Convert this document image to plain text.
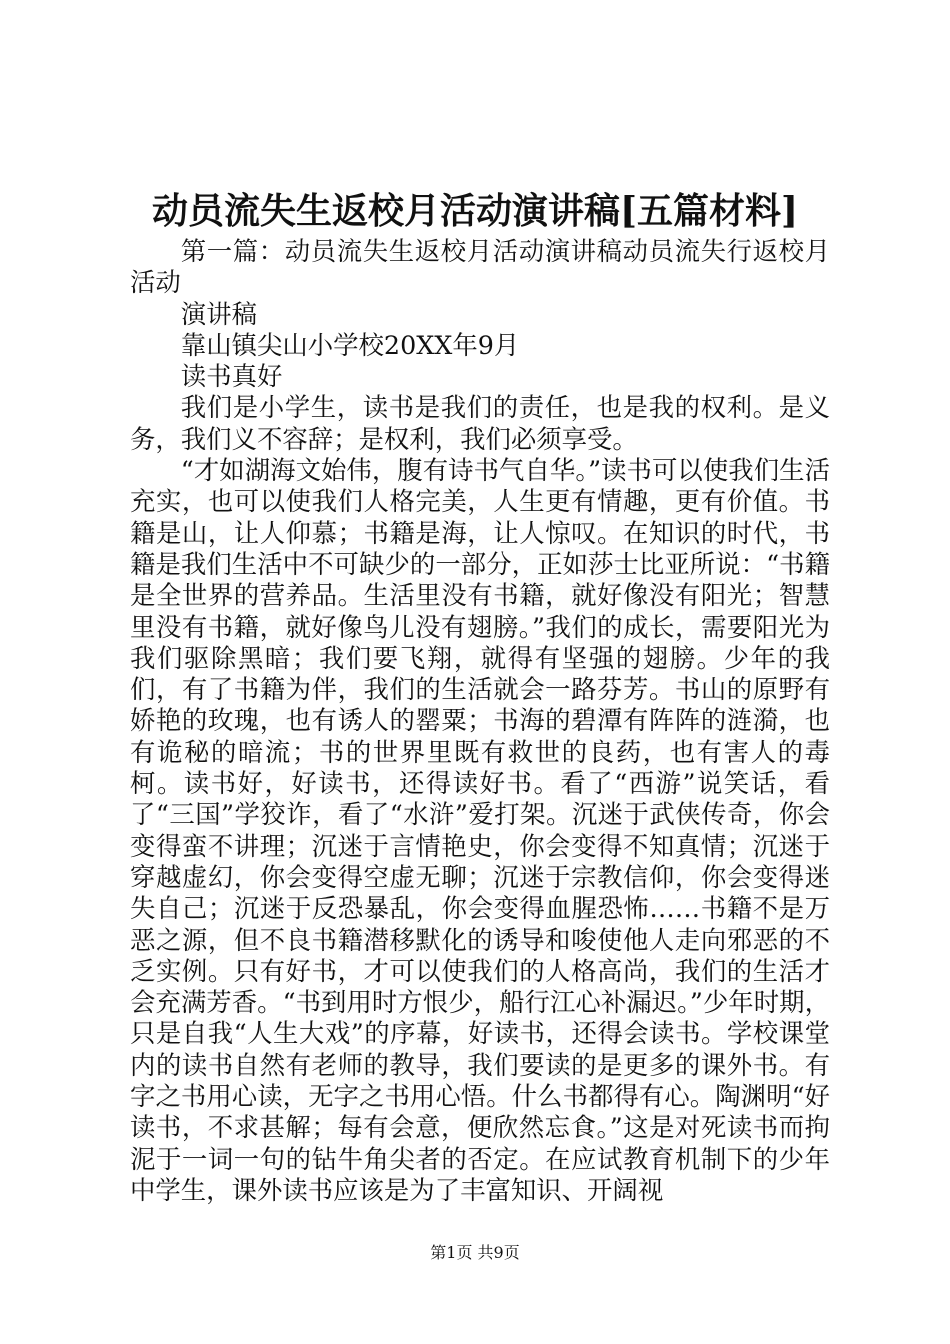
动员流失生返校月活动演讲稿[五篇材料]

第一篇：动员流失生返校月活动演讲稿动员流失行返校月活动

演讲稿

靠山镇尖山小学校20XX年9月

读书真好

我们是小学生，读书是我们的责任，也是我的权利。是义务，我们义不容辞；是权利，我们必须享受。

“才如湖海文始伟，腹有诗书气自华。”读书可以使我们生活充实，也可以使我们人格完美，人生更有情趣，更有价值。书籍是山，让人仰慕；书籍是海，让人惊叹。在知识的时代，书籍是我们生活中不可缺少的一部分，正如莎士比亚所说：“书籍是全世界的营养品。生活里没有书籍，就好像没有阳光；智慧里没有书籍，就好像鸟儿没有翅膀。”我们的成长，需要阳光为我们驱除黑暗；我们要飞翔，就得有坚强的翅膀。少年的我们，有了书籍为伴，我们的生活就会一路芬芳。书山的原野有娇艳的玫瑰，也有诱人的罂粟；书海的碧潭有阵阵的涟漪，也有诡秘的暗流；书的世界里既有救世的良药，也有害人的毒柯。读书好，好读书，还得读好书。看了“西游”说笑话，看了“三国”学狡诈，看了“水浒”爱打架。沉迷于武侠传奇，你会变得蛮不讲理；沉迷于言情艳史，你会变得不知真情；沉迷于穿越虚幻，你会变得空虚无聊；沉迷于宗教信仰，你会变得迷失自己；沉迷于反恐暴乱，你会变得血腥恐怖……书籍不是万恶之源，但不良书籍潜移默化的诱导和唆使他人走向邪恶的不乏实例。只有好书，才可以使我们的人格高尚，我们的生活才会充满芳香。“书到用时方恨少，船行江心补漏迟。”少年时期，只是自我“人生大戏”的序幕，好读书，还得会读书。学校课堂内的读书自然有老师的教导，我们要读的是更多的课外书。有字之书用心读，无字之书用心悟。什么书都得有心。陶渊明“好读书，不求甚解；每有会意，便欣然忘食。”这是对死读书而拘泥于一词一句的钻牛角尖者的否定。在应试教育机制下的少年中学生，课外读书应该是为了丰富知识、开阔视

第1页 共9页
